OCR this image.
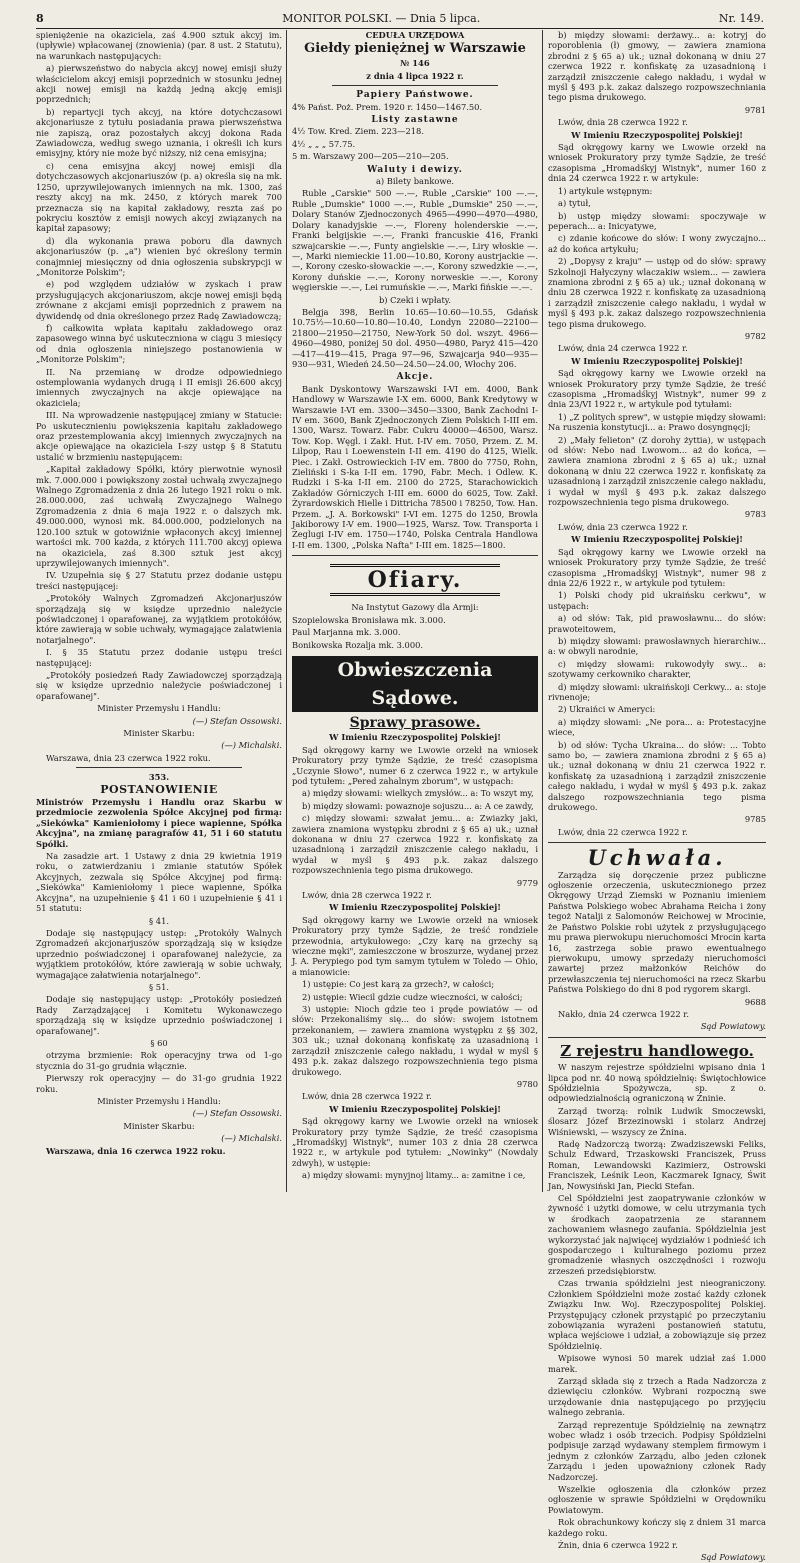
8	MONITOR POLSKI. — Dnia 5 lipca.	Nr. 149.

spieniężenie na okaziciela, zaś 4.900 sztuk akcyj im. (upływie) wpłacowanej (znowienia) (par. 8 ust. 2 Statutu), na warunkach następujących:

a) pierwszeństwo do nabycia akcyj nowej emisji służy właścicielom akcyj emisji poprzednich w stosunku jednej akcji nowej emisji na każdą jedną akcję emisji poprzednich;

b) repartycji tych akcyj, na które dotychczasowi akcjonariusze z tytułu posiadania prawa pierwszeństwa nie zapiszą, oraz pozostałych akcyj dokona Rada Zawiadowcza, według swego uznania, i określi ich kurs emisyjny, który nie może być niższy, niż cena emisyjna;

c) cena emisyjna akcyj nowej emisji dla dotychczasowych akcjonariuszów (p. a) określa się na mk. 1250, uprzywilejowanych imiennych na mk. 1300, zaś reszty akcyj na mk. 2450, z których marek 700 przeznacza się na kapitał zakładowy, reszta zaś po pokryciu kosztów z emisji nowych akcyj związanych na kapitał zapasowy;

d) dla wykonania prawa poboru dla dawnych akcjonariuszów (p. „a") wienien być określony termin conajmniej miesięczny od dnia ogłoszenia subskrypcji w „Monitorze Polskim";

e) pod względem udziałów w zyskach i praw przysługujących akcjonariuszom, akcje nowej emisji będą zrównane z akcjami emisji poprzednich z prawem na dywidendę od dnia określonego przez Radę Zawiadowczą;

f) całkowita wpłata kapitału zakładowego oraz zapasowego winna być uskuteczniona w ciągu 3 miesięcy od dnia ogłoszenia niniejszego postanowienia w „Monitorze Polskim";

II. Na przemianę w drodze odpowiedniego ostemplowania wydanych drugą i II emisji 26.600 akcyj imiennych zwyczajnych na akcje opiewające na okaziciela;

III. Na wprowadzenie następującej zmiany w Statucie: Po uskutecznieniu powiększenia kapitału zakładowego oraz przestemplowania akcyj imiennych zwyczajnych na akcje opiewające na okaziciela I-szy ustęp § 8 Statutu ustalić w brzmieniu następującem:

„Kapitał zakładowy Spółki, który pierwotnie wynosił mk. 7.000.000 i powiększony został uchwałą zwyczajnego Walnego Zgromadzenia z dnia 26 lutego 1921 roku o mk. 28.000.000, zaś uchwałą Zwyczajnego Walnego Zgromadzenia z dnia 6 maja 1922 r. o dalszych mk. 49.000.000, wynosi mk. 84.000.000, podzielonych na 120.100 sztuk w gotowiźnie wpłaconych akcyj imiennej wartości mk. 700 każda, z których 111.700 akcyj opiewa na okaziciela, zaś 8.300 sztuk jest akcyj uprzywilejowanych imiennych".

IV. Uzupełnia się § 27 Statutu przez dodanie ustępu treści następującej:

„Protokóły Walnych Zgromadzeń Akcjonarjuszów sporządzają się w księdze uprzednio należycie poświadczonej i oparafowanej, za wyjątkiem protokółów, które zawierają w sobie uchwały, wymagające zalatwienia notarjalnego".

I. § 35 Statutu przez dodanie ustępu treści następującej:

„Protokóły posiedzeń Rady Zawiadowczej sporządzają się w księdze uprzednio należycie poświadczonej i oparafowanej".

Minister Przemysłu i Handlu:

(—) Stefan Ossowski.

Minister Skarbu:

(—) Michalski.

Warszawa, dnia 23 czerwca 1922 roku.

353.

POSTANOWIENIE

Ministrów Przemysłu i Handlu oraz Skarbu w przedmiocie zezwolenia Spółce Akcyjnej pod firmą: „Siekówka" Kamieniołomy i piece wapienne, Spółka Akcyjna", na zmianę paragrafów 41, 51 i 60 statutu Spółki.

Na zasadzie art. 1 Ustawy z dnia 29 kwietnia 1919 roku, o zatwierdzaniu i zmianie statutów Spółek Akcyjnych, zezwala się Spółce Akcyjnej pod firmą: „Siekówka" Kamieniołomy i piece wapienne, Spółka Akcyjna", na uzupełnienie § 41 i 60 i uzupełnienie § 41 i 51 statutu:

§ 41.

Dodaje się następujący ustęp: „Protokóły Walnych Zgromadzeń akcjonarjuszów sporządzają się w księdze uprzednio poświadczonej i oparafowanej należycie, za wyjątkiem protokółów, które zawierają w sobie uchwały, wymagające załatwienia notarjalnego".

§ 51.

Dodaje się następujący ustęp: „Protokóły posiedzeń Rady Zarządzającej i Komitetu Wykonawczego sporządzają się w księdze uprzednio poświadczonej i oparafowanej".

§ 60

otrzyma brzmienie: Rok operacyjny trwa od 1-go stycznia do 31-go grudnia włącznie.

Pierwszy rok operacyjny — do 31-go grudnia 1922 roku.

Minister Przemysłu i Handlu:

(—) Stefan Ossowski.

Minister Skarbu:

(—) Michalski.

Warszawa, dnia 16 czerwca 1922 roku.

CEDUŁA URZĘDOWA

Giełdy pieniężnej w Warszawie

№ 146

z dnia 4 lipca 1922 r.

Papiery Państwowe.

4% Państ. Poż. Prem. 1920 r. 1450—1467.50.

Listy zastawne

4½ Tow. Kred. Ziem. 223—218.

4½ „ „ „ 57.75.

5 m. Warszawy 200—205—210—205.

Waluty i dewizy.

a) Bilety bankowe.

Ruble „Carskie" 500 —.—, Ruble „Carskie" 100 —.—, Ruble „Dumskie" 1000 —.—, Ruble „Dumskie" 250 —.—, Dolary Stanów Zjednoczonych 4965—4990—4970—4980, Dolary kanadyjskie —.—, Floreny holenderskie —.—, Franki belgijskie —.—, Franki francuskie 416, Franki szwajcarskie —.—, Funty angielskie —.—, Liry włoskie —.—, Marki niemieckie 11.00—10.80, Korony austrjackie —.—, Korony czesko-słowackie —.—, Korony szwedzkie —.—, Korony duńskie —.—, Korony norweskie —.—, Korony węgierskie —.—, Lei rumuńskie —.—, Marki fińskie —.—.

b) Czeki i wpłaty.

Belgja 398, Berlin 10.65—10.60—10.55, Gdańsk 10.75½—10.60—10.80—10.40, Londyn 22080—22100—21800—21950—21750, New-York 50 dol. wszyt. 4966—4960—4980, poniżej 50 dol. 4950—4980, Paryż 415—420—417—419—415, Praga 97—96, Szwajcarja 940—935—930—931, Wiedeń 24.50—24.50—24.00, Włochy 206.

Akcje.

Bank Dyskontowy Warszawski I-VI em. 4000, Bank Handlowy w Warszawie I-X em. 6000, Bank Kredytowy w Warszawie I-VI em. 3300—3450—3300, Bank Zachodni I-IV em. 3600, Bank Zjednoczonych Ziem Polskich I-III em. 1300, Warsz. Towarz. Fabr. Cukru 40000—46500, Warsz. Tow. Kop. Węgl. i Zakł. Hut. I-IV em. 7050, Przem. Z. M. Lilpop, Rau i Loewenstein I-II em. 4190 do 4125, Wielk. Piec. i Zakł. Ostrowieckich I-IV em. 7800 do 7750, Rohn, Zieliński i S-ka I-II em. 1790, Fabr. Mech. i Odlew. K. Rudzki i S-ka I-II em. 2100 do 2725, Starachowickich Zakładów Górniczych I-III em. 6000 do 6025, Tow. Zakł. Żyrardowskich Hielle i Dittricha 78500 i 78250, Tow. Han. Przem. „J. A. Borkowski" I-VI em. 1275 do 1250, Browla Jakiborowy I-V em. 1900—1925, Warsz. Tow. Transporta i Żeglugi I-IV em. 1750—1740, Polska Centrala Handlowa I-II em. 1300, „Polska Nafta" I-III em. 1825—1800.

Ofiary.

Na Instytut Gazowy dla Armji:

Szopielowska Bronisława mk. 3.000.

Paul Marjanna mk. 3.000.

Bonikowska Rozalja mk. 3.000.

Obwieszczenia Sądowe.

Sprawy prasowe.

W Imieniu Rzeczypospolitej Polskiej!

Sąd okręgowy karny we Lwowie orzekł na wniosek Prokuratory przy tymże Sądzie, że treść czasopisma „Uczynie Słowo", numer 6 z czerwca 1922 r., w artykule pod tytułem: „Pered zahalnym zborum", w ustępach:

a) między słowami: wielkych zmysłów... a: To wszyt my,

b) między słowami: powaznoje sojuszu... a: A ce zawdy,

c) między słowami: szwałat jemu... a: Zwiazky jaki, zawiera znamiona występku zbrodni z § 65 a) uk.; uznał dokonana w dniu 27 czerwca 1922 r. konfiskatę za uzasadnioną i zarządził zniszczenie całego nakładu, i wydał w myśl § 493 p.k. zakaz dalszego rozpowszechnienia tego pisma drukowego.

9779

Lwów, dnia 28 czerwca 1922 r.

W Imieniu Rzeczypospolitej Polskiej!

Sąd okręgowy karny we Lwowie orzekł na wniosek Prokuratory przy tymże Sądzie, że treść rondziele przewodnia, artykułowego: „Czy karę na grzechy są wieczne męki", zamieszczone w broszurze, wydanej przez J. A. Perypiego pod tym samym tytułem w Toledo — Ohio, a mianowicie:

1) ustępie: Co jest karą za grzech?, w całości;

2) ustępie: Wiecil gdzie cudze wieczności, w całości;

3) ustępie: Nioch gdzie teo i pręde powiatów — od słów: Przekonaliśmy się... do słów: swojem istotnem przekonaniem, — zawiera znamiona występku z §§ 302, 303 uk.; uznał dokonaną konfiskatę za uzasadnioną i zarządził zniszczenie całego nakładu, i wydał w myśl § 493 p.k. zakaz dalszego rozpowszechnienia tego pisma drukowego.

9780

Lwów, dnia 28 czerwca 1922 r.

W Imieniu Rzeczypospolitej Polskiej!

Sąd okręgowy karny we Lwowie orzekł na wniosek Prokuratory przy tymże Sądzie, że treść czasopisma „Hromadśkyj Wistnyk", numer 103 z dnia 28 czerwca 1922 r., w artykule pod tytułem: „Nowinky" (Nowdaly zdwyh), w ustępie:

a) między słowami: mynyjnoj litamy... a: zamitne i ce,

b) między słowami: derżawy... a: kotryj do roporoblenia (ł) gmowy, — zawiera znamiona zbrodni z § 65 a) uk.; uznał dokonaną w dniu 27 czerwca 1922 r. konfiskatę za uzasadnioną i zarządził zniszczenie całego nakładu, i wydał w myśl § 493 p.k. zakaz dalszego rozpowszechniania tego pisma drukowego.

9781

Lwów, dnia 28 czerwca 1922 r.

W Imieniu Rzeczypospolitej Polskiej!

Sąd okręgowy karny we Lwowie orzekł na wniosek Prokuratory przy tymże Sądzie, że treść czasopisma „Hromadśkyj Wistnyk", numer 160 z dnia 24 czerwca 1922 r. w artykule:

1) artykule wstępnym:

a) tytuł,

b) ustęp między słowami: spoczywaje w peperach... a: Inicyatywe,

c) zdanie końcowe do słów: I wony zwyczajno... aż do końca artykułu;

2) „Dopysy z kraju" — ustęp od do słów: sprawy Szkolnoji Hałyczyny wlaczakiw wsiem... — zawiera znamiona zbrodni z § 65 a) uk.; uznał dokonaną w dniu 28 czerwca 1922 r. konfiskatę za uzasadnioną i zarządził zniszczenie całego nakładu, i wydał w myśl § 493 p.k. zakaz dalszego rozpowszechnienia tego pisma drukowego.

9782

Lwów, dnia 24 czerwca 1922 r.

W Imieniu Rzeczypospolitej Polskiej!

Sąd okręgowy karny we Lwowie orzekł na wniosek Prokuratory przy tymże Sądzie, że treść czasopisma „Hromadśkyj Wistnyk", numer 99 z dnia 23/VI 1922 r., w artykule pod tytułami:

1) „Z politych sprew", w ustępie między słowami: Na ruszenia konstytucji... a: Prawo dosyngnęcji;

2) „Mały felieton" (Z dorohy żyttia), w ustępach od słów: Nebo nad Lwowom... aż do końca, — zawiera znamiona zbrodni z § 65 a) uk.; uznał dokonaną w dniu 22 czerwca 1922 r. konfiskatę za uzasadnioną i zarządził zniszczenie całego nakładu, i wydał w myśl § 493 p.k. zakaz dalszego rozpowszechnienia tego pisma drukowego.

9783

Lwów, dnia 23 czerwca 1922 r.

W Imieniu Rzeczypospolitej Polskiej!

Sąd okręgowy karny we Lwowie orzekł na wniosek Prokuratory przy tymże Sądzie, że treść czasopisma „Hromadśkyj Wistnyk", numer 98 z dnia 22/6 1922 r., w artykule pod tytułem:

1) Polski chody pid ukraińsku cerkwu", w ustępach:

a) od słów: Tak, pid prawosławnu... do słów: prawoteitowem,

b) między słowami: prawosławnych hierarchiw... a: w obwyli narodnie,

c) między słowami: rukowodyły swy... a: szotywamy cerkowniko charakter,

d) między słowami: ukraińskoji Cerkwy... a: stoje rivnenoje;

2) Ukraińci w Ameryci:

a) między słowami: „Ne pora... a: Protestacyjne wiece,

b) od słów: Tycha Ukraina... do słów: ... Tobto samo bo, — zawiera znamiona zbrodni z § 65 a) uk.; uznał dokonaną w dniu 21 czerwca 1922 r. konfiskatę za uzasadnioną i zarządził zniszczenie całego nakładu, i wydał w myśl § 493 p.k. zakaz dalszego rozpowszechniania tego pisma drukowego.

9785

Lwów, dnia 22 czerwca 1922 r.

Uchwała.

Zarządza się doręczenie przez publiczne ogłoszenie orzeczenia, uskutecznionego przez Okręgowy Urząd Ziemski w Poznaniu imieniem Państwa Polskiego wobec Abrahama Reicha i żony tegoż Natalji z Salomonów Reichowej w Mrocinie, że Państwo Polskie robi użytek z przysługującego mu prawa pierwokupu nieruchomości Mrocin karta 16, zastrzega sobie prawo ewentualnego pierwokupu, umowy sprzedaży nieruchomości zawartej przez małżonków Reichów do przewłaszczenia tej nieruchomości na rzecz Skarbu Państwa Polskiego do dni 8 pod rygorem skargi.

9688

Nakło, dnia 24 czerwca 1922 r.

Sąd Powiatowy.

Z rejestru handlowego.

W naszym rejestrze spółdzielni wpisano dnia 1 lipca pod nr. 40 nową spółdzielnię: Świętochłowice Spółdzielnia Spożywcza, sp. z o. odpowiedzialnością ograniczoną w Żninie.

Zarząd tworzą: rolnik Ludwik Smoczewski, ślosarz Józef Brzezinowski i stolarz Andrzej Wiśniewski, — wszyscy ze Żnina.

Radę Nadzorczą tworzą: Zwadziszewski Feliks, Schulz Edward, Trzaskowski Franciszek, Pruss Roman, Lewandowski Kazimierz, Ostrowski Franciszek, Leśnik Leon, Kaczmarek Ignacy, Świt Jan, Nowysiński Jan, Piecki Stefan.

Cel Spółdzielni jest zaopatrywanie członków w żywność i użytki domowe, w celu utrzymania tych w środkach zaopatrzenia ze starannem zachowaniem własnego zaufania. Spółdzielnia jest wykorzystać jak najwięcej wydziałów i podnieść ich gospodarczego i kulturalnego poziomu przez gromadzenie własnych oszczędności i rozwoju zrzeszeń przedsiębiorstw.

Czas trwania spółdzielni jest nieograniczony. Członkiem Spółdzielni może zostać każdy członek Związku Inw. Woj. Rzeczypospolitej Polskiej. Przystępujący członek przystąpić po przeczytaniu zobowiązania wyrażeni postanowień statutu, wpłaca wejściowe i udział, a zobowiązuje się przez Spółdzielnię.

Wpisowe wynosi 50 marek udział zaś 1.000 marek.

Zarząd składa się z trzech a Rada Nadzorcza z dziewięciu członków. Wybrani rozpoczną swe urzędowanie dnia następującego po przyjęciu walnego zebrania.

Zarząd reprezentuje Spółdzielnię na zewnątrz wobec władz i osób trzecich. Podpisy Spółdzielni podpisuje zarząd wydawany stemplem firmowym i jednym z członków Zarządu, albo jeden członek Zarządu i jeden upoważniony członek Rady Nadzorczej.

Wszelkie ogłoszenia dla członków przez ogłoszenie w sprawie Spółdzielni w Orędowniku Powiatowym.

Rok obrachunkowy kończy się z dniem 31 marca każdego roku.

Żnin, dnia 6 czerwca 1922 r.

Sąd Powiatowy.
